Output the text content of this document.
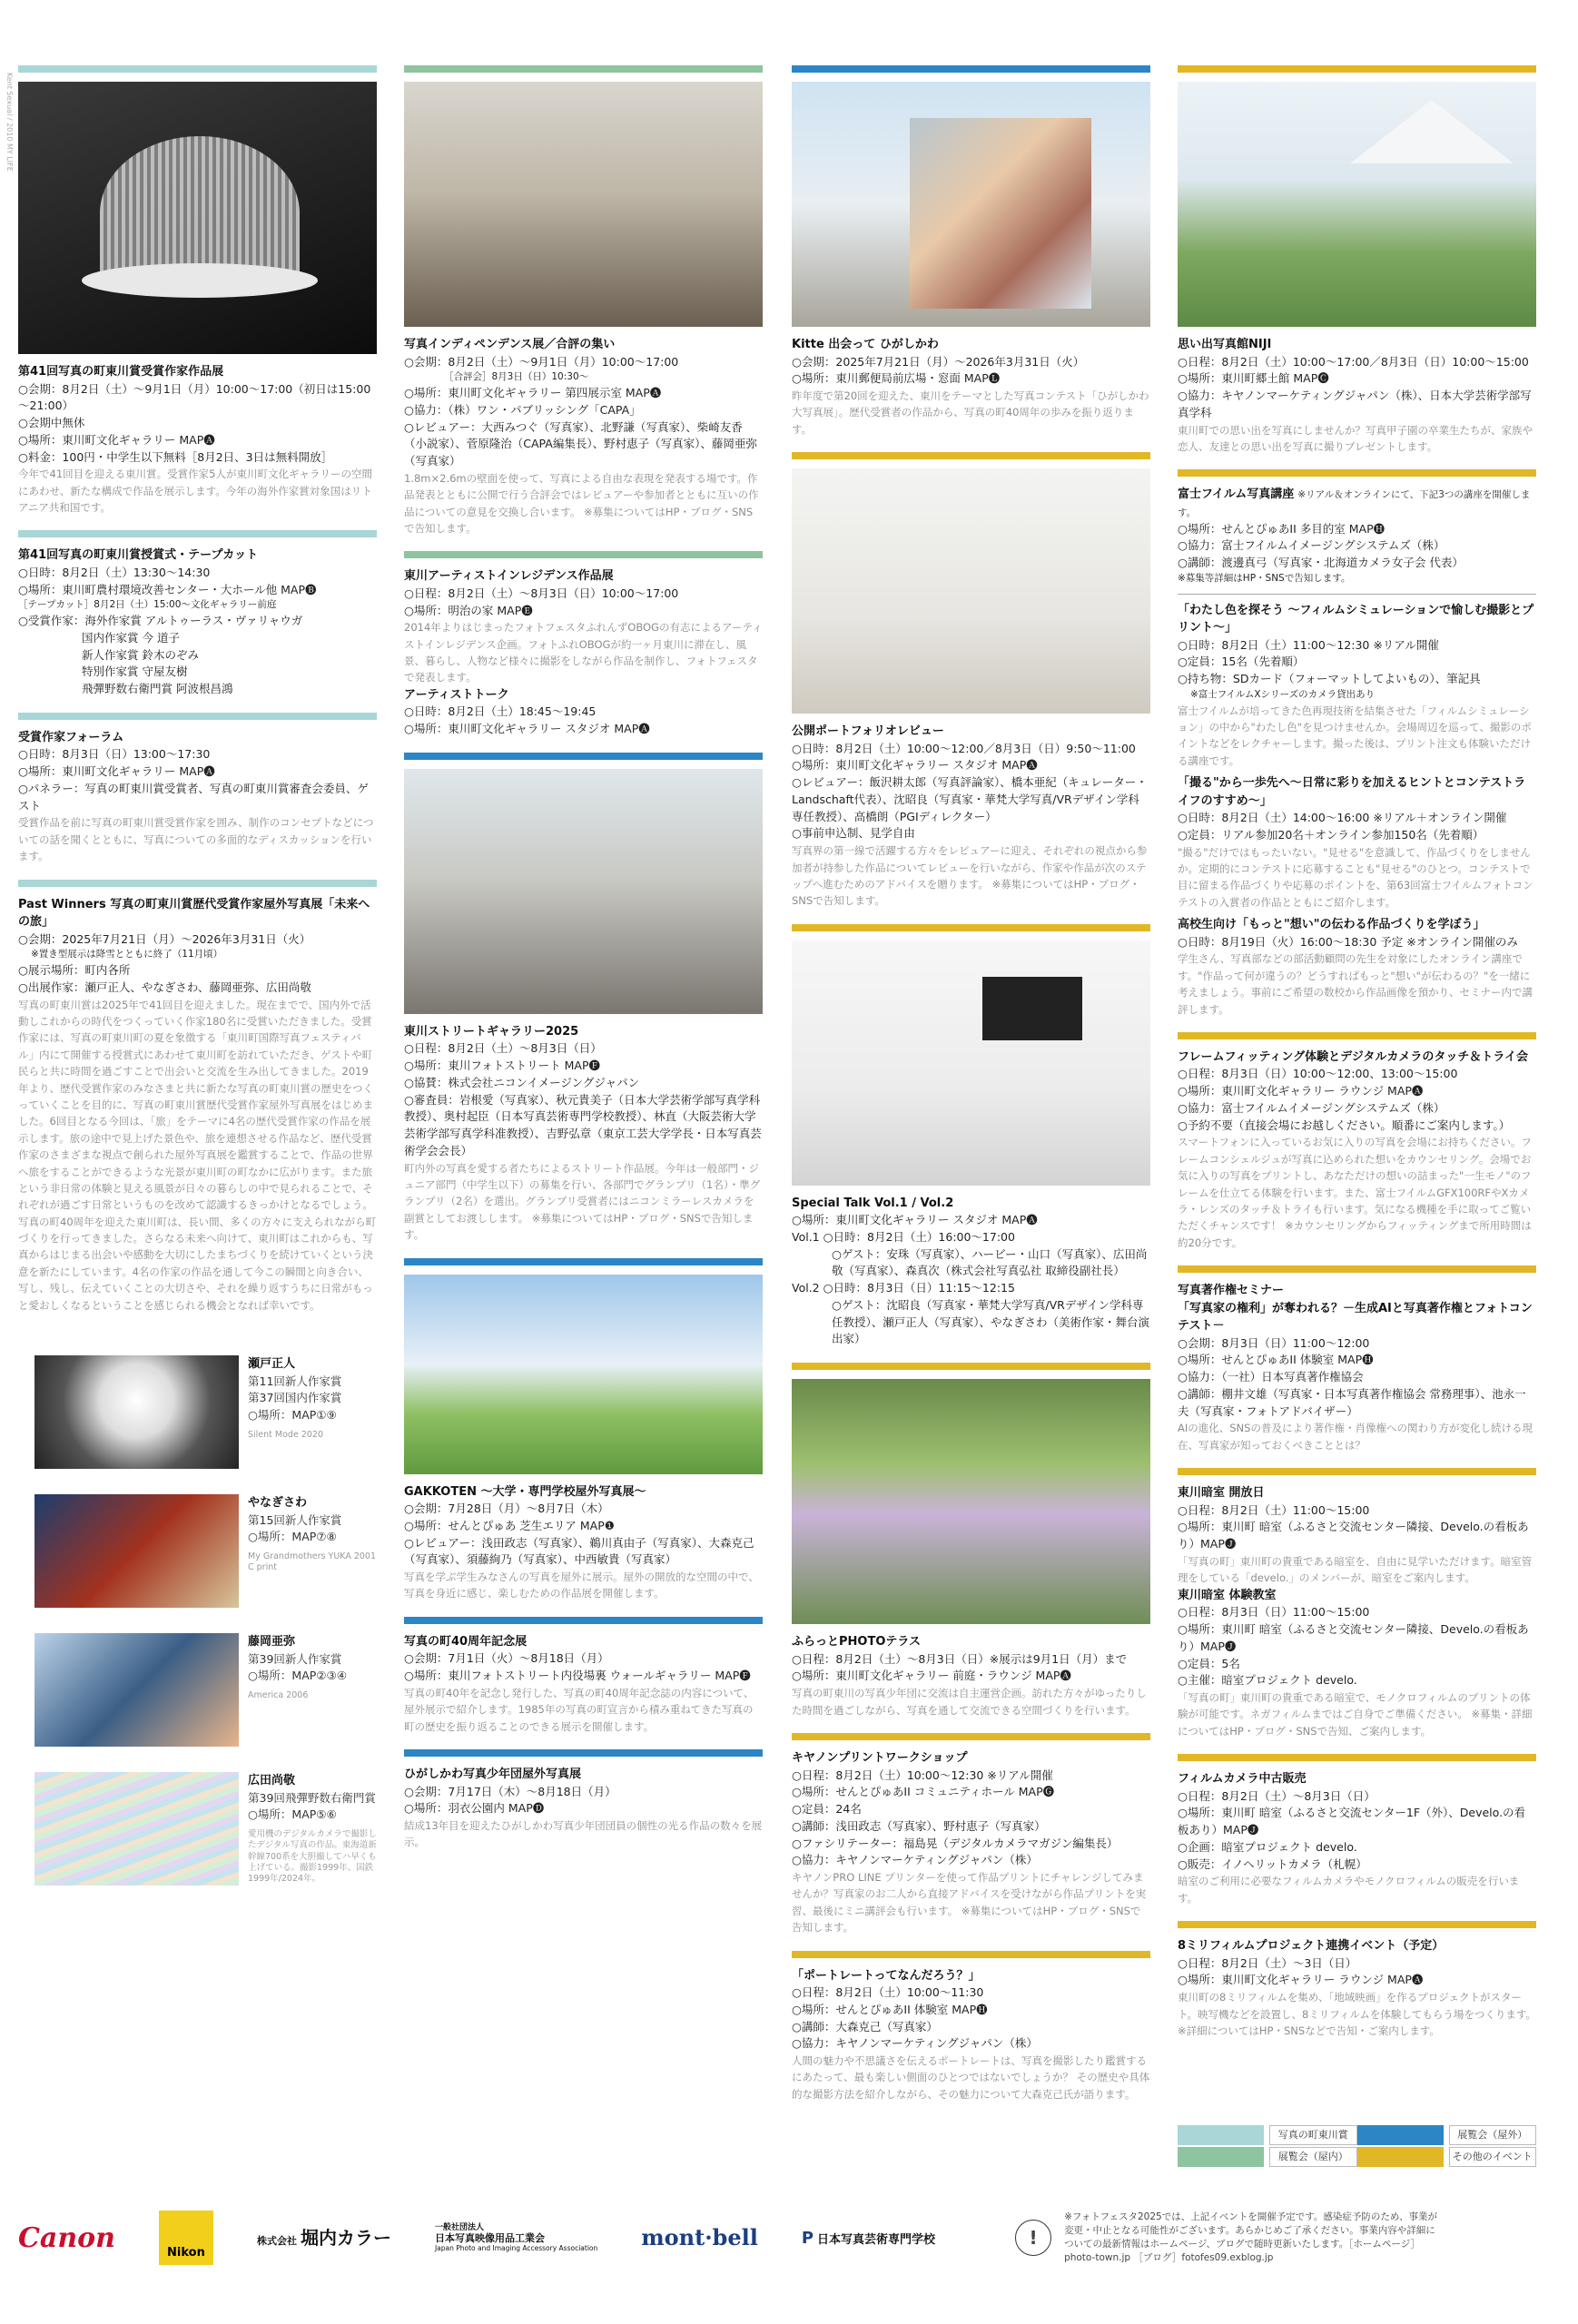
Kent Sexual / 2010 MY LIFE
第41回写真の町東川賞受賞作家作品展
○会期：8月2日（土）～9月1日（月）10:00～17:00（初日は15:00～21:00）
○会期中無休
○場所：東川町文化ギャラリー MAP🅐
○料金：100円・中学生以下無料［8月2日、3日は無料開放］
今年で41回目を迎える東川賞。受賞作家5人が東川町文化ギャラリーの空間にあわせ、新たな構成で作品を展示します。今年の海外作家賞対象国はリトアニア共和国です。
第41回写真の町東川賞授賞式・テープカット
○日時：8月2日（土）13:30～14:30
○場所：東川町農村環境改善センター・大ホール他 MAP🅑
［テープカット］8月2日（土）15:00～文化ギャラリー前庭
○受賞作家：海外作家賞 アルトゥーラス・ヴァリャウガ
国内作家賞 今 道子
新人作家賞 鈴木のぞみ
特別作家賞 守屋友樹
飛彈野数右衛門賞 阿波根昌鴻
受賞作家フォーラム
○日時：8月3日（日）13:00～17:30
○場所：東川町文化ギャラリー MAP🅐
○パネラー：写真の町東川賞受賞者、写真の町東川賞審査会委員、ゲスト
受賞作品を前に写真の町東川賞受賞作家を囲み、制作のコンセプトなどについての話を聞くとともに、写真についての多面的なディスカッションを行います。
Past Winners 写真の町東川賞歴代受賞作家屋外写真展「未来への旅」
○会期：2025年7月21日（月）～2026年3月31日（火）
※置き型展示は降雪とともに終了（11月頃）
○展示場所：町内各所
○出展作家：瀬戸正人、やなぎさわ、藤岡亜弥、広田尚敬
写真の町東川賞は2025年で41回目を迎えました。現在までで、国内外で活動しこれからの時代をつくっていく作家180名に受賞いただきました。受賞作家には、写真の町東川町の夏を象徴する「東川町国際写真フェスティバル」内にて開催する授賞式にあわせて東川町を訪れていただき、ゲストや町民らと共に時間を過ごすことで出会いと交流を生み出してきました。2019年より、歴代受賞作家のみなさまと共に新たな写真の町東川賞の歴史をつくっていくことを目的に、写真の町東川賞歴代受賞作家屋外写真展をはじめました。6回目となる今回は、「旅」をテーマに4名の歴代受賞作家の作品を展示します。旅の途中で見上げた景色や、旅を連想させる作品など、歴代受賞作家のさまざまな視点で創られた屋外写真展を鑑賞することで、作品の世界へ旅をすることができるような光景が東川町の町なかに広がります。また旅という非日常の体験と見える風景が日々の暮らしの中で見られることで、それぞれが過ごす日常というものを改めて認識するきっかけとなるでしょう。写真の町40周年を迎えた東川町は、長い間、多くの方々に支えられながら町づくりを行ってきました。さらなる未来へ向けて、東川町はこれからも、写真からはじまる出会いや感動を大切にしたまちづくりを続けていくという決意を新たにしています。4名の作家の作品を通して今この瞬間と向き合い、写し、残し、伝えていくことの大切さや、それを繰り返すうちに日常がもっと愛おしくなるということを感じられる機会となれば幸いです。
瀬戸正人
第11回新人作家賞
第37回国内作家賞
○場所：MAP①⑨
Silent Mode 2020
やなぎさわ
第15回新人作家賞
○場所：MAP⑦⑧
My Grandmothers YUKA 2001 C print
藤岡亜弥
第39回新人作家賞
○場所：MAP②③④
America 2006
広田尚敬
第39回飛彈野数右衛門賞
○場所：MAP⑤⑥
愛用機のデジタルカメラで撮影したデジタル写真の作品。東海道新幹線700系を大胆撮してハ早くも上げている。撮影1999年、国鉄1999年/2024年。
写真インディペンデンス展／合評の集い
○会期：8月2日（土）～9月1日（月）10:00～17:00
［合評会］8月3日（日）10:30～
○場所：東川町文化ギャラリー 第四展示室 MAP🅐
○協力：（株）ワン・パブリッシング「CAPA」
○レビュアー：大西みつぐ（写真家）、北野謙（写真家）、柴崎友香（小説家）、菅原隆治（CAPA編集長）、野村恵子（写真家）、藤岡亜弥（写真家）
1.8m×2.6mの壁面を使って、写真による自由な表現を発表する場です。作品発表とともに公開で行う合評会ではレビュアーや参加者とともに互いの作品についての意見を交換し合います。 ※募集についてはHP・ブログ・SNSで告知します。
東川アーティストインレジデンス作品展
○日程：8月2日（土）～8月3日（日）10:00～17:00
○場所：明治の家 MAP🅔
2014年よりはじまったフォトフェスタふれんずOBOGの有志によるアーティストインレジデンス企画。フォトふれOBOGが約一ヶ月東川に滞在し、風景、暮らし、人物など様々に撮影をしながら作品を制作し、フォトフェスタで発表します。
アーティストトーク
○日時：8月2日（土）18:45～19:45
○場所：東川町文化ギャラリー スタジオ MAP🅐
東川ストリートギャラリー2025
○日程：8月2日（土）～8月3日（日）
○場所：東川フォトストリート MAP🅕
○協賛：株式会社ニコンイメージングジャパン
○審査員：岩根愛（写真家）、秋元貴美子（日本大学芸術学部写真学科教授）、奥村起臣（日本写真芸術専門学校教授）、林直（大阪芸術大学芸術学部写真学科准教授）、吉野弘章（東京工芸大学学長・日本写真芸術学会会長）
町内外の写真を愛する者たちによるストリート作品展。今年は一般部門・ジュニア部門（中学生以下）の募集を行い、各部門でグランプリ（1名）・準グランプリ（2名）を選出。グランプリ受賞者にはニコンミラーレスカメラを副賞としてお渡しします。 ※募集についてはHP・ブログ・SNSで告知します。
GAKKOTEN ～大学・専門学校屋外写真展～
○会期：7月28日（月）～8月7日（木）
○場所：せんとぴゅあ 芝生エリア MAP❶
○レビュアー：浅田政志（写真家）、鵜川真由子（写真家）、大森克己（写真家）、須藤絢乃（写真家）、中西敏貴（写真家）
写真を学ぶ学生みなさんの写真を屋外に展示。屋外の開放的な空間の中で、写真を身近に感じ、楽しむための作品展を開催します。
写真の町40周年記念展
○会期：7月1日（火）～8月18日（月）
○場所：東川フォトストリート内役場裏 ウォールギャラリー MAP🅕
写真の町40年を記念し発行した、写真の町40周年記念誌の内容について、屋外展示で紹介します。1985年の写真の町宣言から積み重ねてきた写真の町の歴史を振り返ることのできる展示を開催します。
ひがしかわ写真少年団屋外写真展
○会期：7月17日（木）～8月18日（月）
○場所：羽衣公園内 MAP🅓
結成13年目を迎えたひがしかわ写真少年団団員の個性の光る作品の数々を展示。
Kitte 出会って ひがしかわ
○会期：2025年7月21日（月）～2026年3月31日（火）
○場所：東川郵便局前広場・窓面 MAP🅛
昨年度で第20回を迎えた、東川をテーマとした写真コンテスト「ひがしかわ大写真展」。歴代受賞者の作品から、写真の町40周年の歩みを振り返ります。
公開ポートフォリオレビュー
○日時：8月2日（土）10:00～12:00／8月3日（日）9:50～11:00
○場所：東川町文化ギャラリー スタジオ MAP🅐
○レビュアー：飯沢耕太郎（写真評論家）、橋本亜紀（キュレーター・Landschaft代表）、沈昭良（写真家・華梵大学写真/VRデザイン学科専任教授）、高橋朗（PGIディレクター）
○事前申込制、見学自由
写真界の第一線で活躍する方々をレビュアーに迎え、それぞれの視点から参加者が持参した作品についてレビューを行いながら、作家や作品が次のステップへ進むためのアドバイスを贈ります。 ※募集についてはHP・ブログ・SNSで告知します。
Special Talk Vol.1 / Vol.2
○場所：東川町文化ギャラリー スタジオ MAP🅐
Vol.1 ○日時：8月2日（土）16:00～17:00
○ゲスト：安珠（写真家）、ハービー・山口（写真家）、広田尚敬（写真家）、森真次（株式会社写真弘社 取締役副社長）
Vol.2 ○日時：8月3日（日）11:15～12:15
○ゲスト：沈昭良（写真家・華梵大学写真/VRデザイン学科専任教授）、瀬戸正人（写真家）、やなぎさわ（美術作家・舞台演出家）
ふらっとPHOTOテラス
○日程：8月2日（土）～8月3日（日）※展示は9月1日（月）まで
○場所：東川町文化ギャラリー 前庭・ラウンジ MAP🅐
写真の町東川の写真少年団に交流は自主運営企画。訪れた方々がゆったりした時間を過ごしながら、写真を通して交流できる空間づくりを行います。
キヤノンプリントワークショップ
○日程：8月2日（土）10:00～12:30 ※リアル開催
○場所：せんとぴゅあII コミュニティホール MAP🅖
○定員：24名
○講師：浅田政志（写真家）、野村恵子（写真家）
○ファシリテーター：福島晃（デジタルカメラマガジン編集長）
○協力：キヤノンマーケティングジャパン（株）
キヤノンPRO LINE プリンターを使って作品プリントにチャレンジしてみませんか？写真家のお二人から直接アドバイスを受けながら作品プリントを実習、最後にミニ講評会も行います。 ※募集についてはHP・ブログ・SNSで告知します。
「ポートレートってなんだろう？」
○日程：8月2日（土）10:00～11:30
○場所：せんとぴゅあII 体験室 MAP🅗
○講師：大森克己（写真家）
○協力：キヤノンマーケティングジャパン（株）
人間の魅力や不思議さを伝えるポートレートは、写真を撮影したり鑑賞するにあたって、最も楽しい側面のひとつではないでしょうか？ その歴史や具体的な撮影方法を紹介しながら、その魅力について大森克己氏が語ります。
思い出写真館NIJI
○日程：8月2日（土）10:00～17:00／8月3日（日）10:00～15:00
○場所：東川町郷土館 MAP🅒
○協力：キヤノンマーケティングジャパン（株）、日本大学芸術学部写真学科
東川町での思い出を写真にしませんか？写真甲子園の卒業生たちが、家族や恋人、友達との思い出を写真に撮りプレゼントします。
富士フイルム写真講座 ※リアル＆オンラインにて、下記3つの講座を開催します。
○場所：せんとぴゅあII 多目的室 MAP🅗
○協力：富士フイルムイメージングシステムズ（株）
○講師：渡邊真弓（写真家・北海道カメラ女子会 代表）
※募集等詳細はHP・SNSで告知します。
「わたし色を探そう ～フィルムシミュレーションで愉しむ撮影とプリント～」
○日時：8月2日（土）11:00～12:30 ※リアル開催
○定員：15名（先着順）
○持ち物：SDカード（フォーマットしてよいもの）、筆記具
※富士フイルムXシリーズのカメラ貸出あり
富士フイルムが培ってきた色再現技術を結集させた「フィルムシミュレーション」の中から"わたし色"を見つけませんか。会場周辺を巡って、撮影のポイントなどをレクチャーします。撮った後は、プリント注文も体験いただける講座です。
「撮る"から一歩先へ～日常に彩りを加えるヒントとコンテストライフのすすめ～」
○日時：8月2日（土）14:00～16:00 ※リアル＋オンライン開催
○定員：リアル参加20名＋オンライン参加150名（先着順）
"撮る"だけではもったいない。"見せる"を意識して、作品づくりをしませんか。定期的にコンテストに応募することも"見せる"のひとつ。コンテストで目に留まる作品づくりや応募のポイントを、第63回富士フイルムフォトコンテストの入賞者の作品とともにご紹介します。
高校生向け「もっと"想い"の伝わる作品づくりを学ぼう」
○日時：8月19日（火）16:00～18:30 予定 ※オンライン開催のみ
学生さん、写真部などの部活動顧問の先生を対象にしたオンライン講座です。"作品って何が違うの？どうすればもっと"想い"が伝わるの？"を一緒に考えましょう。事前にご希望の数校から作品画像を預かり、セミナー内で講評します。
フレームフィッティング体験とデジタルカメラのタッチ＆トライ会
○日程：8月3日（日）10:00～12:00、13:00～15:00
○場所：東川町文化ギャラリー ラウンジ MAP🅐
○協力：富士フイルムイメージングシステムズ（株）
○予約不要（直接会場にお越しください。順番にご案内します。）
スマートフォンに入っているお気に入りの写真を会場にお持ちください。フレームコンシェルジュが写真に込められた想いをカウンセリング。会場でお気に入りの写真をプリントし、あなただけの想いの詰まった"一生モノ"のフレームを仕立てる体験を行います。また、富士フイルムGFX100RFやXカメラ・レンズのタッチ＆トライも行います。気になる機種を手に取ってご覧いただくチャンスです！ ※カウンセリングからフィッティングまで所用時間は約20分です。
写真著作権セミナー
「写真家の権利」が奪われる？－生成AIと写真著作権とフォトコンテスト－
○会期：8月3日（日）11:00～12:00
○場所：せんとぴゅあII 体験室 MAP🅗
○協力：（一社）日本写真著作権協会
○講師：棚井文雄（写真家・日本写真著作権協会 常務理事）、池永一夫（写真家・フォトアドバイザー）
AIの進化、SNSの普及により著作権・肖像権への関わり方が変化し続ける現在、写真家が知っておくべきこととは？
東川暗室 開放日
○日程：8月2日（土）11:00～15:00
○場所：東川町 暗室（ふるさと交流センター隣接、Develo.の看板あり）MAP🅙
「写真の町」東川町の貴重である暗室を、自由に見学いただけます。暗室管理をしている「develo.」のメンバーが、暗室をご案内します。
東川暗室 体験教室
○日程：8月3日（日）11:00～15:00
○場所：東川町 暗室（ふるさと交流センター隣接、Develo.の看板あり）MAP🅙
○定員：5名
○主催：暗室プロジェクト develo.
「写真の町」東川町の貴重である暗室で、モノクロフィルムのプリントの体験が可能です。ネガフィルムまではご自身でご準備ください。 ※募集・詳細についてはHP・ブログ・SNSで告知、ご案内します。
フィルムカメラ中古販売
○日程：8月2日（土）～8月3日（日）
○場所：東川町 暗室（ふるさと交流センター1F（外）、Develo.の看板あり）MAP🅙
○企画：暗室プロジェクト develo.
○販売：イノヘリットカメラ（札幌）
暗室のご利用に必要なフィルムカメラやモノクロフィルムの販売を行います。
8ミリフィルムプロジェクト連携イベント（予定）
○日程：8月2日（土）～3日（日）
○場所：東川町文化ギャラリー ラウンジ MAP🅐
東川町の8ミリフィルムを集め、「地域映画」を作るプロジェクトがスタート。映写機などを設置し、8ミリフィルムを体験してもらう場をつくります。 ※詳細についてはHP・SNSなどで告知・ご案内します。
写真の町東川賞	展覧会（屋外）
展覧会（屋内）	その他のイベント
Canon	Nikon
株式会社 堀内カラー	一般社団法人
日本写真映像用品工業会
Japan Photo and Imaging Accessory Association mont·bell	P 日本写真芸術専門学校	!
※フォトフェスタ2025では、上記イベントを開催予定です。感染症予防のため、事業が変更・中止となる可能性がございます。あらかじめご了承ください。事業内容や詳細についての最新情報はホームページ、ブログで随時更新いたします。［ホームページ］photo-town.jp ［ブログ］fotofes09.exblog.jp
